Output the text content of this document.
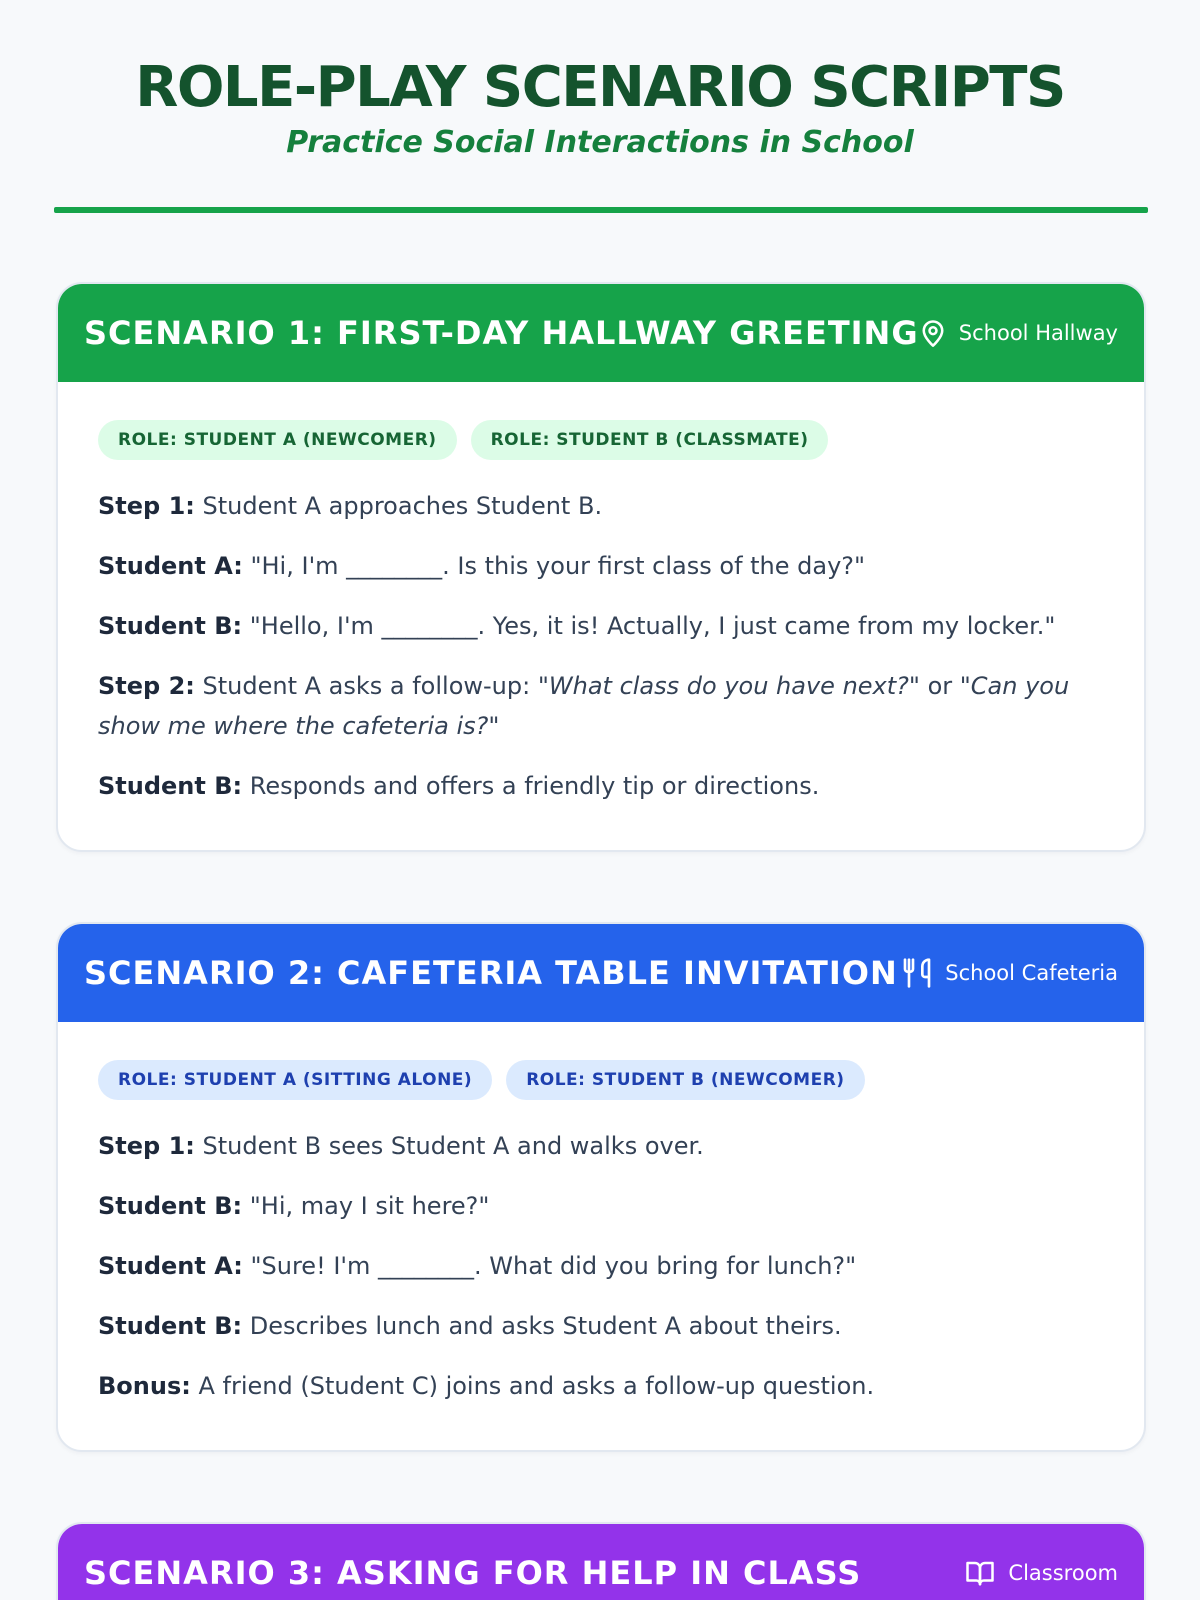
ROLE-PLAY SCENARIO SCRIPTS
Practice Social Interactions in School
SCENARIO 1: FIRST-DAY HALLWAY GREETING School Hallway
ROLE: STUDENT A (NEWCOMER)	ROLE: STUDENT B (CLASSMATE)

Step 1: Student A approaches Student B.

Student A: "Hi, I'm ________. Is this your first class of the day?"

Student B: "Hello, I'm ________. Yes, it is! Actually, I just came from my locker."

Step 2: Student A asks a follow-up: "What class do you have next?" or "Can you show me where the cafeteria is?"

Student B: Responds and offers a friendly tip or directions.

SCENARIO 2: CAFETERIA TABLE INVITATION School Cafeteria
ROLE: STUDENT A (SITTING ALONE)	ROLE: STUDENT B (NEWCOMER)

Step 1: Student B sees Student A and walks over.

Student B: "Hi, may I sit here?"

Student A: "Sure! I'm ________. What did you bring for lunch?"

Student B: Describes lunch and asks Student A about theirs.

Bonus: A friend (Student C) joins and asks a follow-up question.

SCENARIO 3: ASKING FOR HELP IN CLASS	Classroom
